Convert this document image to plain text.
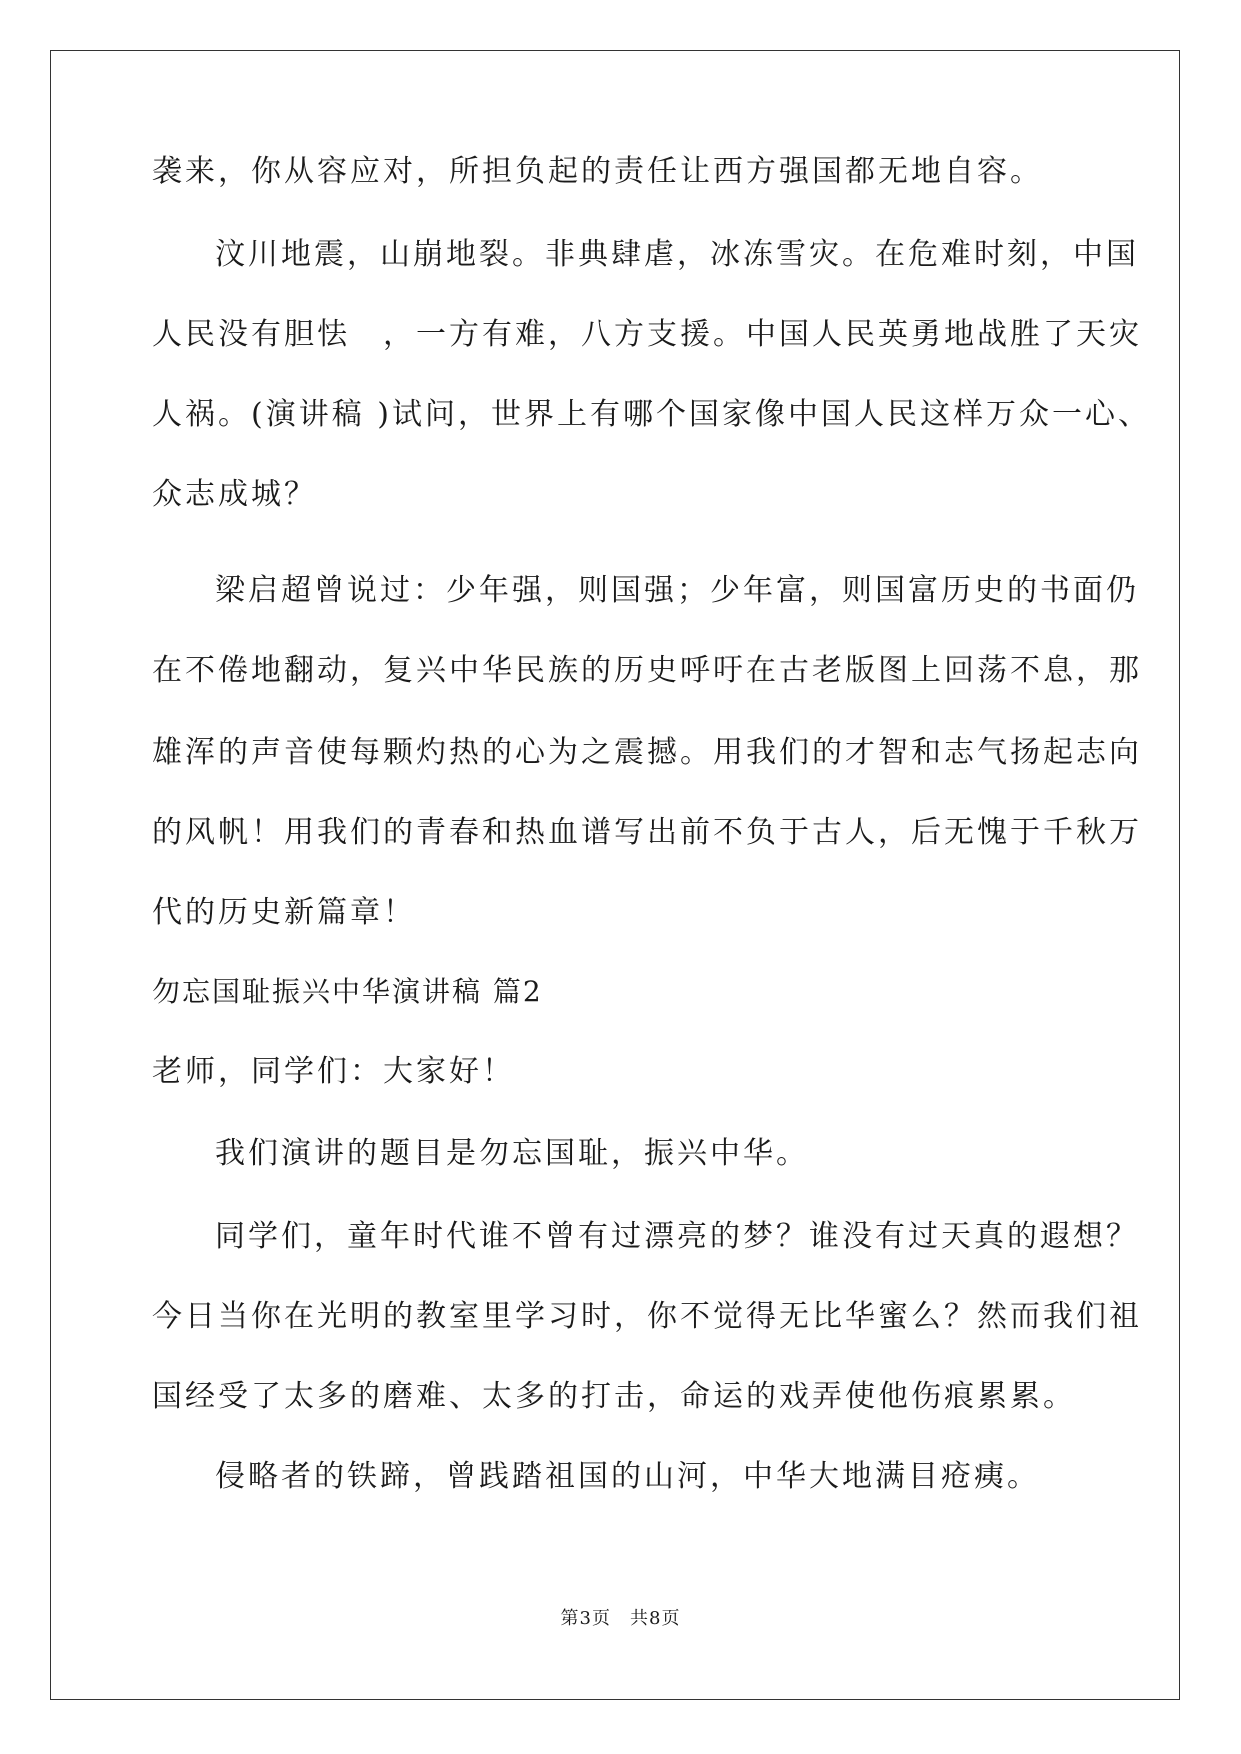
袭来，你从容应对，所担负起的责任让西方强国都无地自容。
汶川地震，山崩地裂。非典肆虐，冰冻雪灾。在危难时刻，中国
人民没有胆怯　，一方有难，八方支援。中国人民英勇地战胜了天灾
人祸。(演讲稿 )试问，世界上有哪个国家像中国人民这样万众一心、
众志成城？
梁启超曾说过：少年强，则国强；少年富，则国富历史的书面仍
在不倦地翻动，复兴中华民族的历史呼吁在古老版图上回荡不息，那
雄浑的声音使每颗灼热的心为之震撼。用我们的才智和志气扬起志向
的风帆！用我们的青春和热血谱写出前不负于古人，后无愧于千秋万
代的历史新篇章！
勿忘国耻振兴中华演讲稿 篇2
老师，同学们：大家好！
我们演讲的题目是勿忘国耻，振兴中华。
同学们，童年时代谁不曾有过漂亮的梦？谁没有过天真的遐想？
今日当你在光明的教室里学习时，你不觉得无比华蜜么？然而我们祖
国经受了太多的磨难、太多的打击，命运的戏弄使他伤痕累累。
侵略者的铁蹄，曾践踏祖国的山河，中华大地满目疮痍。
第3页　共8页
